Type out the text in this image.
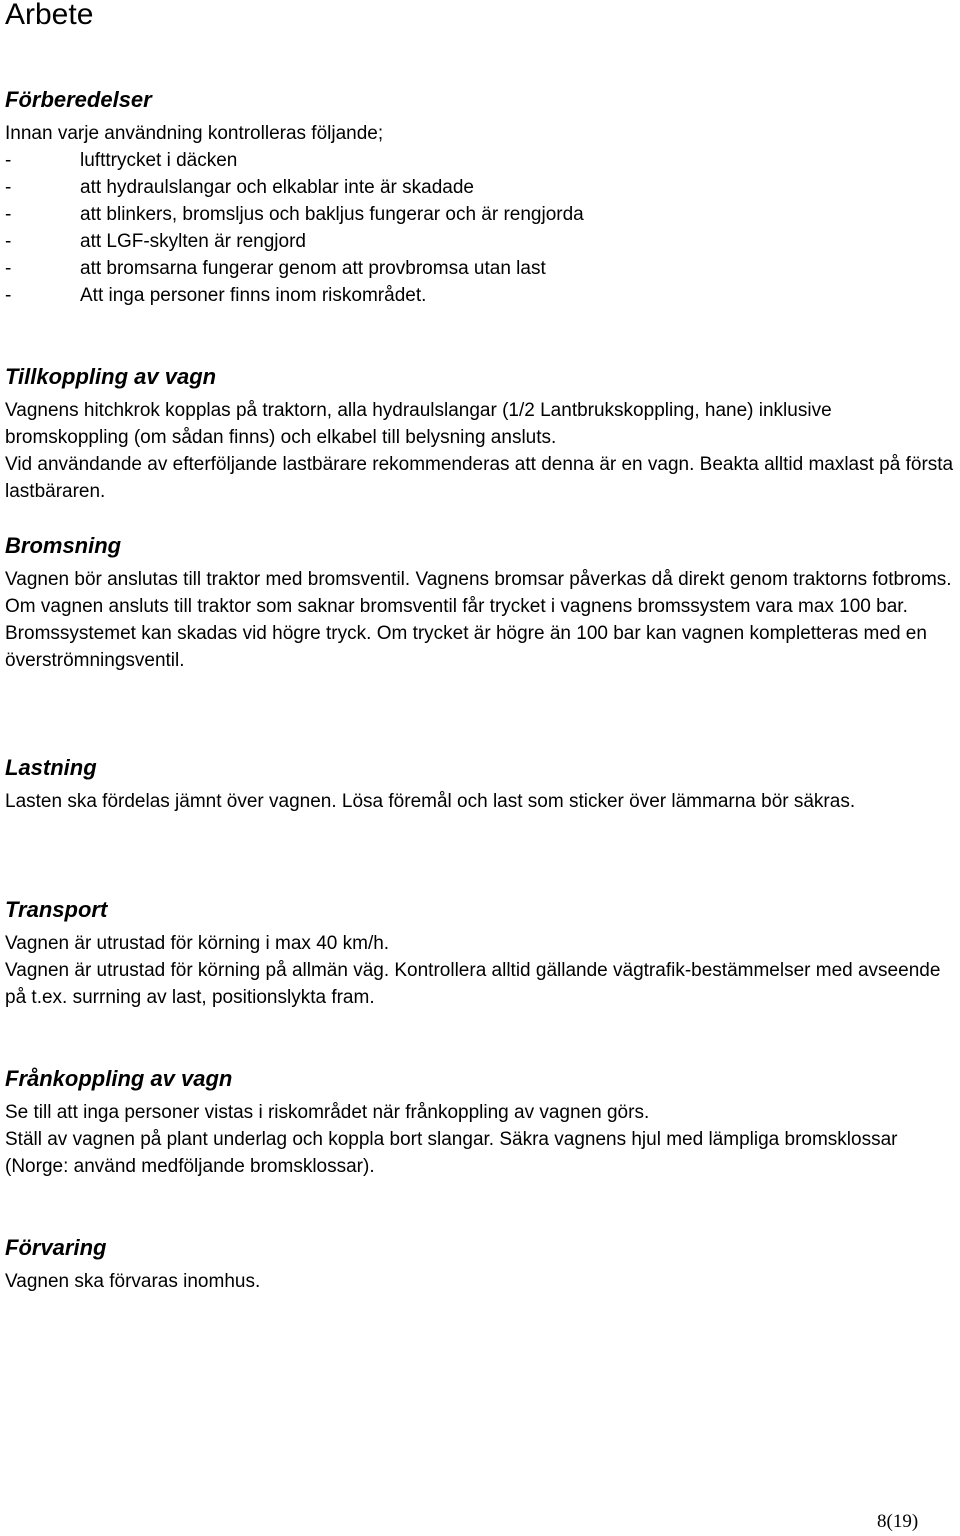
Arbete
Förberedelser

Innan varje användning kontrolleras följande;

-	lufttrycket i däcken
-	att hydraulslangar och elkablar inte är skadade
-	att blinkers, bromsljus och bakljus fungerar och är rengjorda
-	att LGF-skylten är rengjord
-	att bromsarna fungerar genom att provbromsa utan last
-	Att inga personer finns inom riskområdet.
Tillkoppling av vagn

Vagnens hitchkrok kopplas på traktorn, alla hydraulslangar (1/2 Lantbrukskoppling, hane) inklusive bromskoppling (om sådan finns) och elkabel till belysning ansluts.

Vid användande av efterföljande lastbärare rekommenderas att denna är en vagn. Beakta alltid maxlast på första lastbäraren.

Bromsning

Vagnen bör anslutas till traktor med bromsventil. Vagnens bromsar påverkas då direkt genom traktorns fotbroms.

Om vagnen ansluts till traktor som saknar bromsventil får trycket i vagnens bromssystem vara max 100 bar. Bromssystemet kan skadas vid högre tryck. Om trycket är högre än 100 bar kan vagnen kompletteras med en överströmningsventil.

Lastning

Lasten ska fördelas jämnt över vagnen. Lösa föremål och last som sticker över lämmarna bör säkras.

Transport

Vagnen är utrustad för körning i max 40 km/h.

Vagnen är utrustad för körning på allmän väg. Kontrollera alltid gällande vägtrafik-bestämmelser med avseende på t.ex. surrning av last, positionslykta fram.

Frånkoppling av vagn

Se till att inga personer vistas i riskområdet när frånkoppling av vagnen görs.

Ställ av vagnen på plant underlag och koppla bort slangar. Säkra vagnens hjul med lämpliga bromsklossar (Norge: använd medföljande bromsklossar).

Förvaring

Vagnen ska förvaras inomhus.

8(19)
